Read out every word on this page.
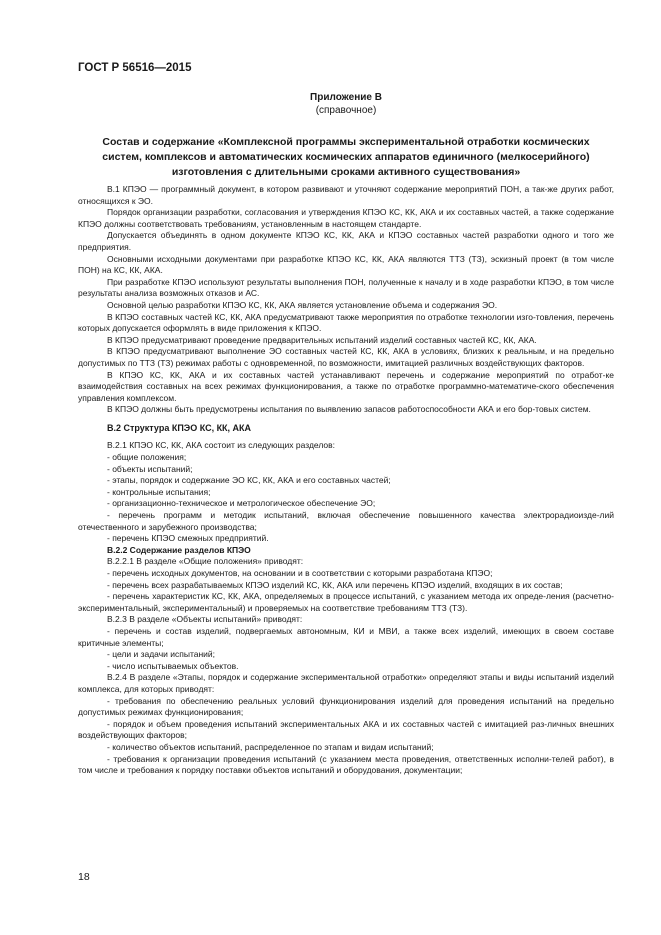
ГОСТ Р 56516—2015
Приложение В
(справочное)
Состав и содержание «Комплексной программы экспериментальной отработки космических
систем, комплексов и автоматических космических аппаратов единичного (мелкосерийного)
изготовления с длительными сроками активного существования»

В.1 КПЭО — программный документ, в котором развивают и уточняют содержание мероприятий ПОН, а так-же других работ, относящихся к ЭО.

Порядок организации разработки, согласования и утверждения КПЭО КС, КК, АКА и их составных частей, а также содержание КПЭО должны соответствовать требованиям, установленным в настоящем стандарте.

Допускается объединять в одном документе КПЭО КС, КК, АКА и КПЭО составных частей разработки одного и того же предприятия.

Основными исходными документами при разработке КПЭО КС, КК, АКА являются ТТЗ (ТЗ), эскизный проект (в том числе ПОН) на КС, КК, АКА.

При разработке КПЭО используют результаты выполнения ПОН, полученные к началу и в ходе разработки КПЭО, в том числе результаты анализа возможных отказов и АС.

Основной целью разработки КПЭО КС, КК, АКА является установление объема и содержания ЭО.

В КПЭО составных частей КС, КК, АКА предусматривают также мероприятия по отработке технологии изго-товления, перечень которых допускается оформлять в виде приложения к КПЭО.

В КПЭО предусматривают проведение предварительных испытаний изделий составных частей КС, КК, АКА.

В КПЭО предусматривают выполнение ЭО составных частей КС, КК, АКА в условиях, близких к реальным, и на предельно допустимых по ТТЗ (ТЗ) режимах работы с одновременной, по возможности, имитацией различных воздействующих факторов.

В КПЭО КС, КК, АКА и их составных частей устанавливают перечень и содержание мероприятий по отработ-ке взаимодействия составных на всех режимах функционирования, а также по отработке программно-математиче-ского обеспечения управления комплексом.

В КПЭО должны быть предусмотрены испытания по выявлению запасов работоспособности АКА и его бор-товых систем.

В.2 Структура КПЭО КС, КК, АКА

В.2.1 КПЭО КС, КК, АКА состоит из следующих разделов:

- общие положения;

- объекты испытаний;

- этапы, порядок и содержание ЭО КС, КК, АКА и его составных частей;

- контрольные испытания;

- организационно-техническое и метрологическое обеспечение ЭО;

- перечень программ и методик испытаний, включая обеспечение повышенного качества электрорадиоизде-лий отечественного и зарубежного производства;

- перечень КПЭО смежных предприятий.

В.2.2 Содержание разделов КПЭО

В.2.2.1 В разделе «Общие положения» приводят:

- перечень исходных документов, на основании и в соответствии с которыми разработана КПЭО;

- перечень всех разрабатываемых КПЭО изделий КС, КК, АКА или перечень КПЭО изделий, входящих в их состав;

- перечень характеристик КС, КК, АКА, определяемых в процессе испытаний, с указанием метода их опреде-ления (расчетно-экспериментальный, экспериментальный) и проверяемых на соответствие требованиям ТТЗ (ТЗ).

В.2.3 В разделе «Объекты испытаний» приводят:

- перечень и состав изделий, подвергаемых автономным, КИ и МВИ, а также всех изделий, имеющих в своем составе критичные элементы;

- цели и задачи испытаний;

- число испытываемых объектов.

В.2.4 В разделе «Этапы, порядок и содержание экспериментальной отработки» определяют этапы и виды испытаний изделий комплекса, для которых приводят:

- требования по обеспечению реальных условий функционирования изделий для проведения испытаний на предельно допустимых режимах функционирования;

- порядок и объем проведения испытаний экспериментальных АКА и их составных частей с имитацией раз-личных внешних воздействующих факторов;

- количество объектов испытаний, распределенное по этапам и видам испытаний;

- требования к организации проведения испытаний (с указанием места проведения, ответственных исполни-телей работ), в том числе и требования к порядку поставки объектов испытаний и оборудования, документации;

18
